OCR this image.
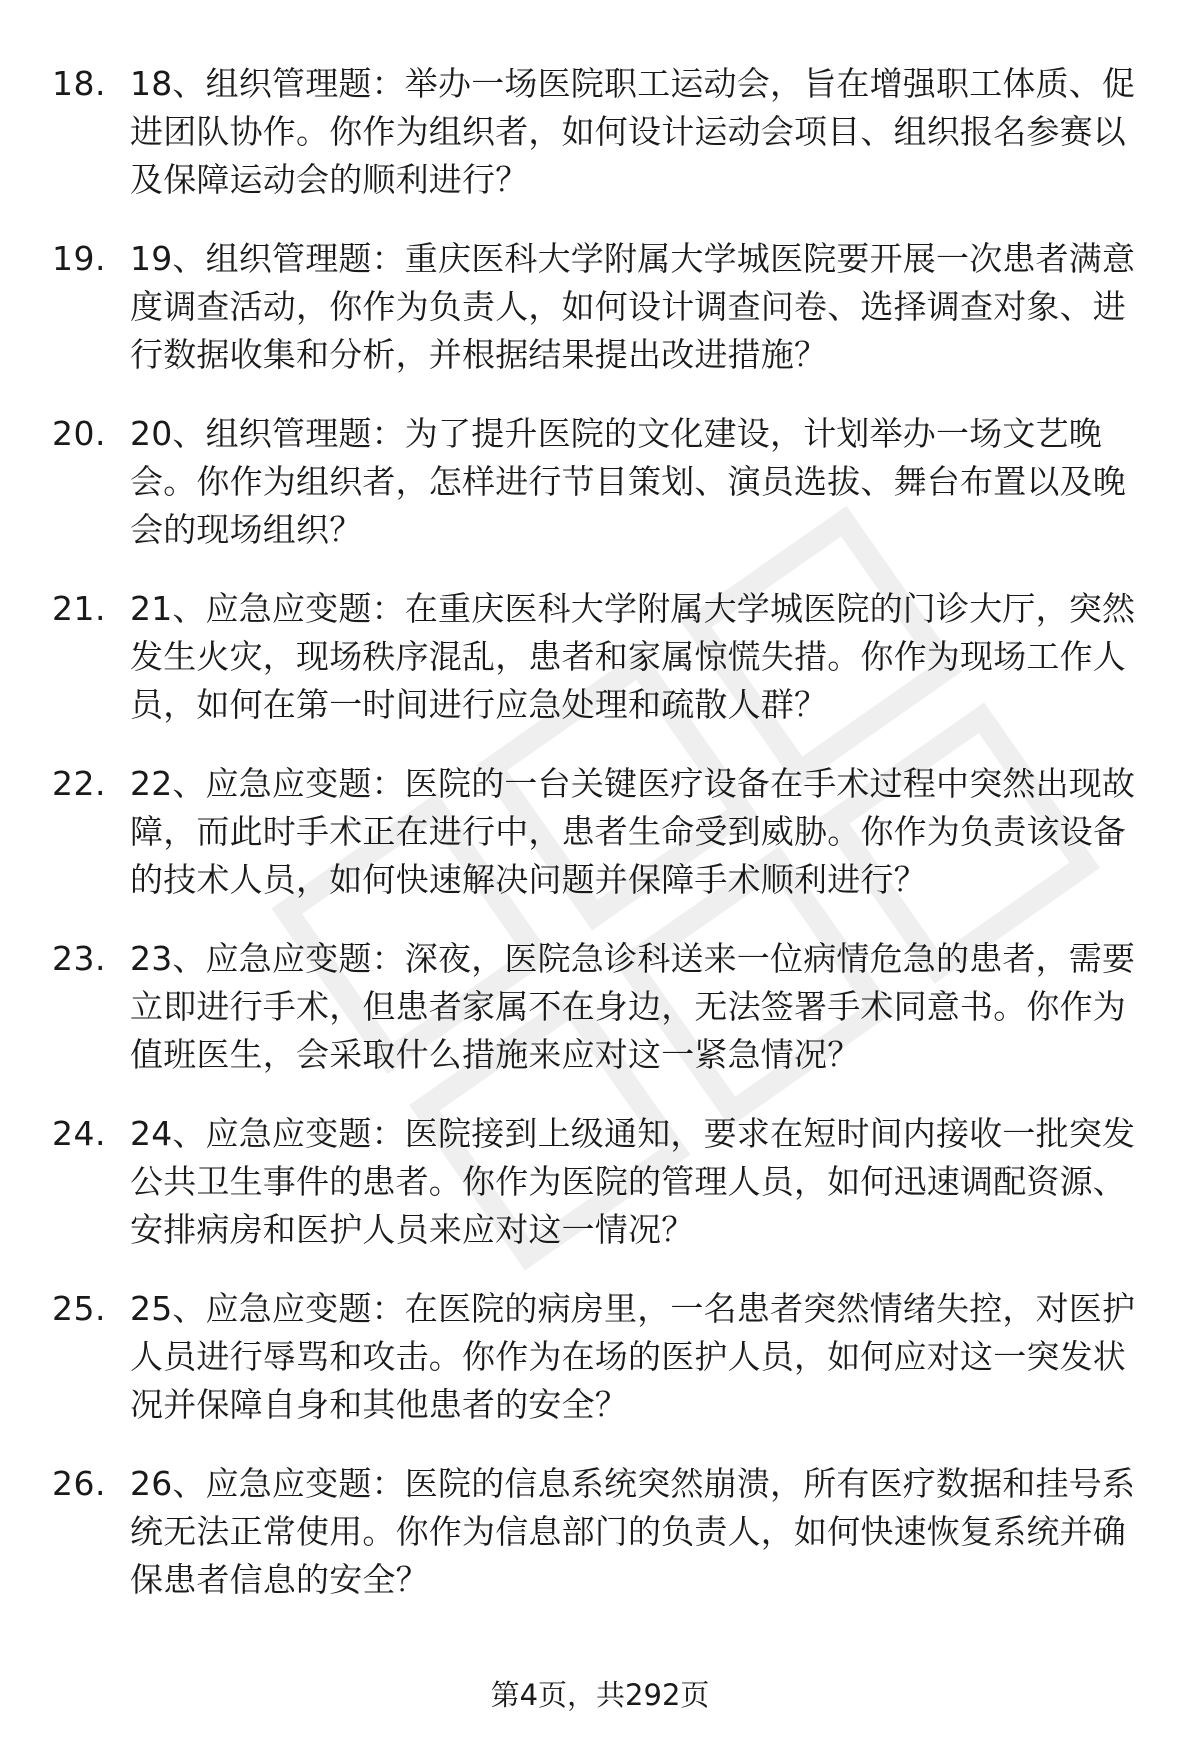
18. 18、组织管理题：举办一场医院职工运动会，旨在增强职工体质、促进团队协作。你作为组织者，如何设计运动会项目、组织报名参赛以及保障运动会的顺利进行？
19. 19、组织管理题：重庆医科大学附属大学城医院要开展一次患者满意度调查活动，你作为负责人，如何设计调查问卷、选择调查对象、进行数据收集和分析，并根据结果提出改进措施？
20. 20、组织管理题：为了提升医院的文化建设，计划举办一场文艺晚会。你作为组织者，怎样进行节目策划、演员选拔、舞台布置以及晚会的现场组织？
21. 21、应急应变题：在重庆医科大学附属大学城医院的门诊大厅，突然发生火灾，现场秩序混乱，患者和家属惊慌失措。你作为现场工作人员，如何在第一时间进行应急处理和疏散人群？
22. 22、应急应变题：医院的一台关键医疗设备在手术过程中突然出现故障，而此时手术正在进行中，患者生命受到威胁。你作为负责该设备的技术人员，如何快速解决问题并保障手术顺利进行？
23. 23、应急应变题：深夜，医院急诊科送来一位病情危急的患者，需要立即进行手术，但患者家属不在身边，无法签署手术同意书。你作为值班医生，会采取什么措施来应对这一紧急情况？
24. 24、应急应变题：医院接到上级通知，要求在短时间内接收一批突发公共卫生事件的患者。你作为医院的管理人员，如何迅速调配资源、安排病房和医护人员来应对这一情况？
25. 25、应急应变题：在医院的病房里，一名患者突然情绪失控，对医护人员进行辱骂和攻击。你作为在场的医护人员，如何应对这一突发状况并保障自身和其他患者的安全？
26. 26、应急应变题：医院的信息系统突然崩溃，所有医疗数据和挂号系统无法正常使用。你作为信息部门的负责人，如何快速恢复系统并确保患者信息的安全？
第4页，共292页
